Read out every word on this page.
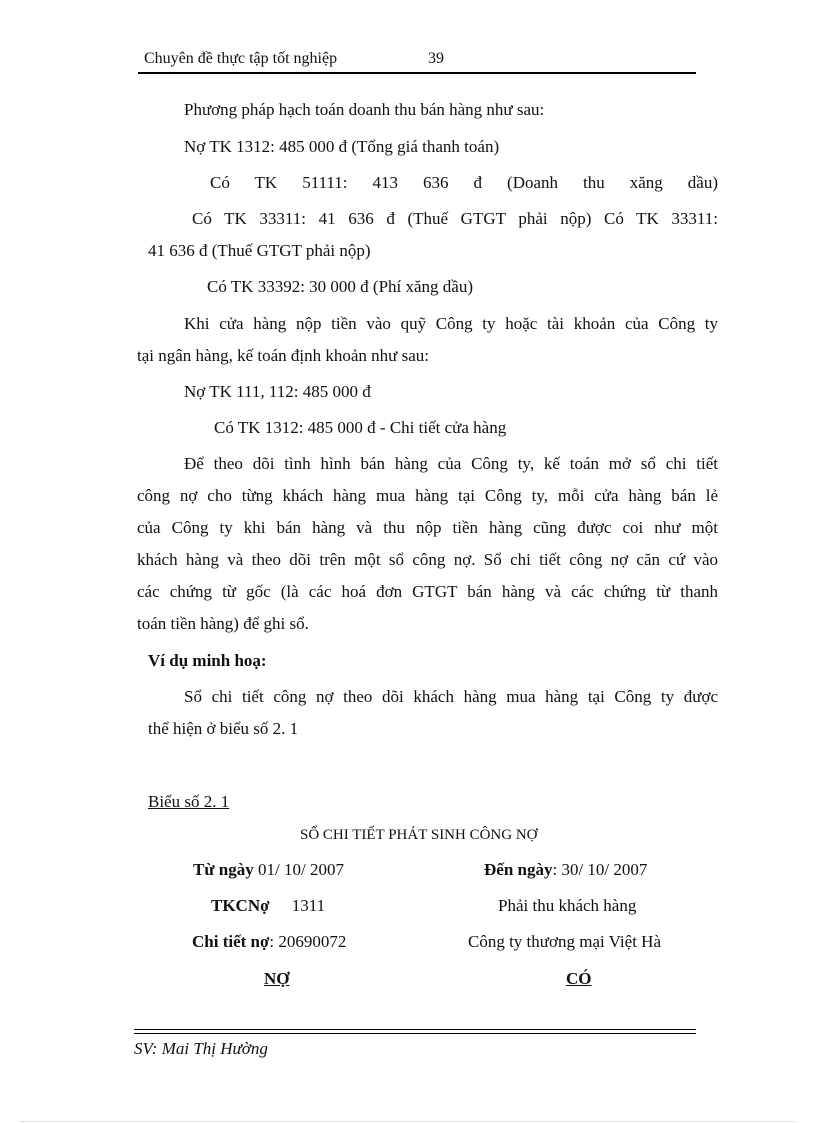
Chuyên đề thực tập tốt nghiệp	39
Phương pháp hạch toán doanh thu bán hàng như sau:
Nợ TK 1312: 485 000 đ (Tổng giá thanh toán)
Có TK 51111: 413 636 đ (Doanh thu xăng dầu)
Có TK 33311: 41 636 đ (Thuế GTGT phải nộp) Có TK 33311:
41 636 đ (Thuế GTGT phải nộp)
Có TK 33392: 30 000 đ (Phí xăng dầu)
Khi cửa hàng nộp tiền vào quỹ Công ty hoặc tài khoản của Công ty
tại ngân hàng, kế toán định khoản như sau:
Nợ TK 111, 112: 485 000 đ
Có TK 1312: 485 000 đ - Chi tiết cửa hàng
Để theo dõi tình hình bán hàng của Công ty, kế toán mở sổ chi tiết
công nợ cho từng khách hàng mua hàng tại Công ty, mỗi cửa hàng bán lẻ
của Công ty khi bán hàng và thu nộp tiền hàng cũng được coi như một
khách hàng và theo dõi trên một sổ công nợ. Sổ chi tiết công nợ căn cứ vào
các chứng từ gốc (là các hoá đơn GTGT bán hàng và các chứng từ thanh
toán tiền hàng) để ghi sổ.
Ví dụ minh hoạ:
Sổ chi tiết công nợ theo dõi khách hàng mua hàng tại Công ty được
thể hiện ở biểu số 2. 1
Biểu số 2. 1
SỔ CHI TIẾT PHÁT SINH CÔNG NỢ
Từ ngày 01/ 10/ 2007	Đến ngày: 30/ 10/ 2007
TKCNợ 1311	Phải thu khách hàng
Chi tiết nợ: 20690072	Công ty thương mại Việt Hà
NỢ	CÓ
SV: Mai Thị Hường
